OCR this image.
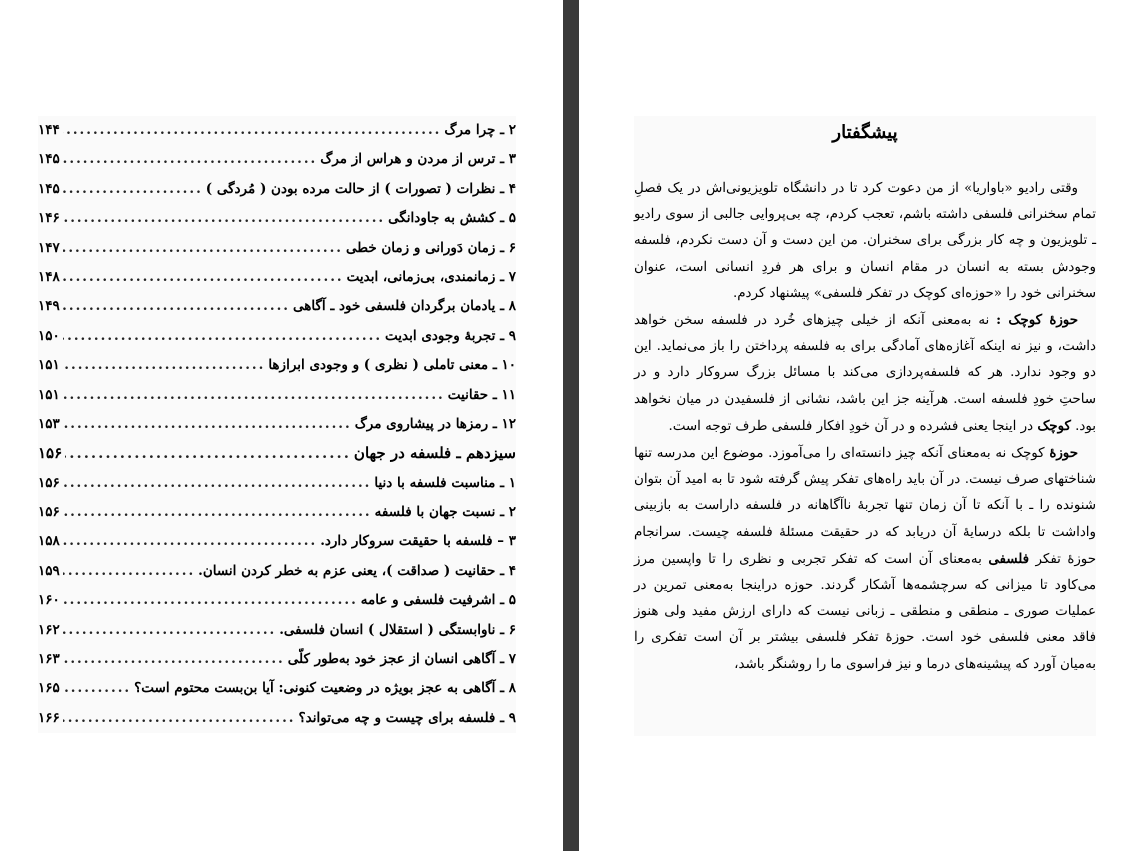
۲ ـ چرا مرگ
.....
۱۴۴
۳ ـ ترس از مردن و هراس از مرگ
.....
۱۴۵
۴ ـ نظرات ( تصورات ) از حالت مرده بودن ( مُردگی )
.....
۱۴۵
۵ ـ کشش به جاودانگی
.....
۱۴۶
۶ ـ زمان دَورانی و زمان خطی
.....
۱۴۷
۷ ـ زمانمندی، بی‌زمانی، ابدیت
.....
۱۴۸
۸ ـ یادمان برگردان فلسفی خود ـ آگاهی
.....
۱۴۹
۹ ـ تجربهٔ وجودی ابدیت
.....
۱۵۰
۱۰ ـ معنی تاملی ( نظری ) و وجودی ابرازها
.....
۱۵۱
۱۱ ـ حقانیت
.....
۱۵۱
۱۲ ـ رمزها در پیشاروی مرگ
.....
۱۵۳
سیزدهم ـ فلسفه در جهان
.....
۱۵۶
۱ ـ مناسبت فلسفه با دنیا
.....
۱۵۶
۲ ـ نسبت جهان با فلسفه
.....
۱۵۶
۳ – فلسفه با حقیقت سروکار دارد.
.....
۱۵۸
۴ ـ حقانیت ( صداقت )، یعنی عزم به خطر کردن انسان.
.....
۱۵۹
۵ ـ اشرفیت فلسفی و عامه
.....
۱۶۰
۶ ـ ناوابستگی ( استقلال ) انسان فلسفی.
.....
۱۶۲
۷ ـ آگاهی انسان از عجز خود به‌طور کلّی
.....
۱۶۳
۸ ـ آگاهی به عجز بویژه در وضعیت کنونی: آیا بن‌بست محتوم است؟
.....
۱۶۵
۹ ـ فلسفه برای چیست و چه می‌تواند؟
.....
۱۶۶
پیشگفتار

وقتی رادیو «باواریا» از من دعوت کرد تا در دانشگاه تلویزیونی‌اش در یک فصلِ تمام سخنرانی فلسفی داشته باشم، تعجب کردم، چه بی‌پروایی جالبی از سوی رادیو ـ تلویزیون و چه کار بزرگی برای سخنران. من این دست و آن دست نکردم، فلسفه وجودش بسته به انسان در مقام انسان و برای هر فردِ انسانی است، عنوان سخنرانی خود را «حوزه‌ای کوچک در تفکر فلسفی» پیشنهاد کردم.

حوزهٔ کوچک : نه به‌معنی آنکه از خیلی چیزهای خُرد در فلسفه سخن خواهد داشت، و نیز نه اینکه آغازه‌های آمادگی برای به فلسفه پرداختن را باز می‌نماید. این دو وجود ندارد. هر که فلسفه‌پردازی می‌کند با مسائل بزرگ سروکار دارد و در ساحتِ خودِ فلسفه است. هرآینه جز این باشد، نشانی از فلسفیدن در میان نخواهد بود. کوچک در اینجا یعنی فشرده و در آن خودِ افکار فلسفی طرف توجه است.

حوزهٔ کوچک نه به‌معنای آنکه چیز دانسته‌ای را می‌آموزد. موضوع این مدرسه تنها شناختهای صرف نیست. در آن باید راه‌های تفکر پیش گرفته شود تا به امید آن بتوان شنونده را ـ با آنکه تا آن زمان تنها تجربهٔ ناآگاهانه در فلسفه داراست به بازبینی واداشت تا بلکه درسایهٔ آن دریابد که در حقیقت مسئلهٔ فلسفه چیست. سرانجام حوزهٔ تفکر فلسفی به‌معنای آن است که تفکر تجربی و نظری را تا واپسین مرز می‌کاود تا میزانی که سرچشمه‌ها آشکار گردند. حوزه دراینجا به‌معنی تمرین در عملیات صوری ـ منطقی و منطقی ـ زبانی نیست که دارای ارزش مفید ولی هنوز فاقد معنی فلسفی خود است. حوزهٔ تفکر فلسفی بیشتر بر آن است تفکری را به‌میان آورد که پیشینه‌های درما و نیز فراسوی ما را روشنگر باشد،
